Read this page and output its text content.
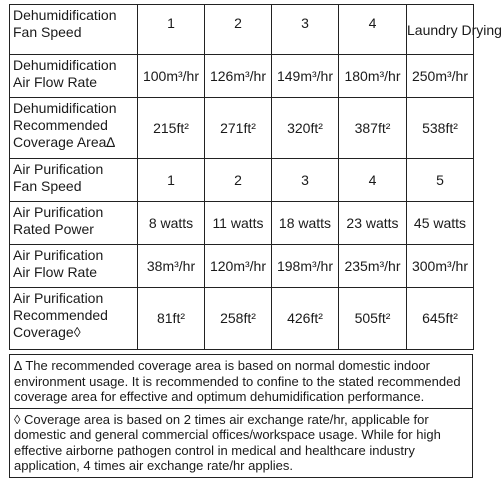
Dehumidification
Fan Speed	1	2	3	4	Laundry Drying
Dehumidification
Air Flow Rate	100m³/hr	126m³/hr	149m³/hr	180m³/hr	250m³/hr
Dehumidification
Recommended
Coverage Area∆	215ft²	271ft²	320ft²	387ft²	538ft²
Air Purification
Fan Speed	1	2	3	4	5
Air Purification
Rated Power	8 watts	11 watts	18 watts	23 watts	45 watts
Air Purification
Air Flow Rate	38m³/hr	120m³/hr	198m³/hr	235m³/hr	300m³/hr
Air Purification
Recommended
Coverage◊	81ft²	258ft²	426ft²	505ft²	645ft²
∆ The recommended coverage area is based on normal domestic indoor environment usage. It is recommended to confine to the stated recommended coverage area for effective and optimum dehumidification performance.
◊ Coverage area is based on 2 times air exchange rate/hr, applicable for domestic and general commercial offices/workspace usage. While for high effective airborne pathogen control in medical and healthcare industry application, 4 times air exchange rate/hr applies.
